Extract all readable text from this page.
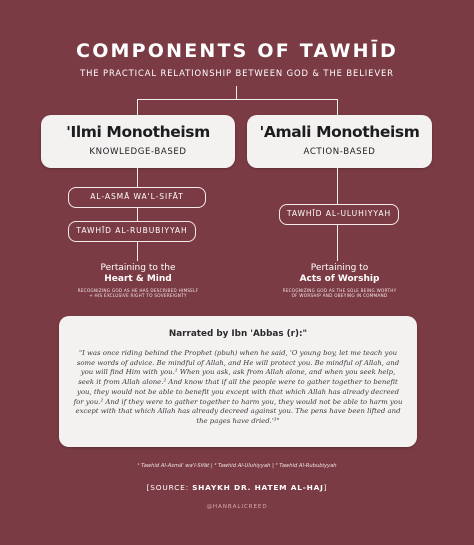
COMPONENTS OF TAWHĪD
THE PRACTICAL RELATIONSHIP BETWEEN GOD & THE BELIEVER
'Ilmi Monotheism
KNOWLEDGE-BASED
AL-ASMĀ WA'L-SIFĀT
TAWHĪD AL-RUBUBIYYAH
Pertaining to the
Heart & Mind
RECOGNIZING GOD AS HE HAS DESCRIBED HIMSELF
+ HIS EXCLUSIVE RIGHT TO SOVEREIGNTY
'Amali Monotheism
ACTION-BASED
TAWHĪD AL-ULUHIYYAH
Pertaining to
Acts of Worship
RECOGNIZING GOD AS THE SOLE BEING WORTHY
OF WORSHIP AND OBEYING IN COMMAND
Narrated by Ibn 'Abbas (r):"
"I was once riding behind the Prophet (pbuh) when he said, 'O young boy, let me teach you some words of advice. Be mindful of Allah, and He will protect you. Be mindful of Allah, and you will find Him with you.¹ When you ask, ask from Allah alone, and when you seek help, seek it from Allah alone.² And know that if all the people were to gather together to benefit you, they would not be able to benefit you except with that which Allah has already decreed for you.² And if they were to gather together to harm you, they would not be able to harm you except with that which Allah has already decreed against you. The pens have been lifted and the pages have dried.'³"
¹ Tawhid Al-Asmā' wa'l-Sifāt | ² Tawhid Al-Uluhiyyah | ³ Tawhid Al-Rububiyyah
[SOURCE: SHAYKH DR. HATEM AL-HAJ]
@HANBALICREED
